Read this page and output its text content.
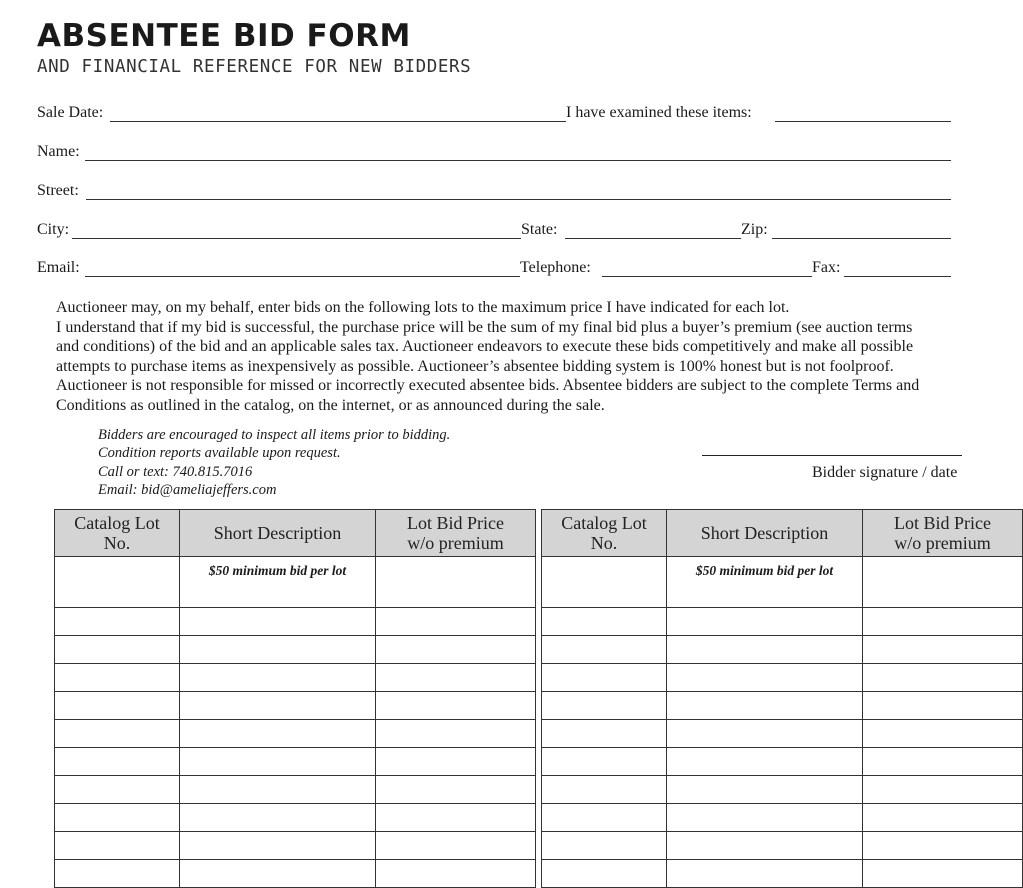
ABSENTEE BID FORM
AND FINANCIAL REFERENCE FOR NEW BIDDERS
Sale Date:	I have examined these items:
Name:
Street:
City:	State:	Zip:
Email:	Telephone:	Fax:
Auctioneer may, on my behalf, enter bids on the following lots to the maximum price I have indicated for each lot.
I understand that if my bid is successful, the purchase price will be the sum of my final bid plus a buyer’s premium (see auction terms
and conditions) of the bid and an applicable sales tax. Auctioneer endeavors to execute these bids competitively and make all possible
attempts to purchase items as inexpensively as possible. Auctioneer’s absentee bidding system is 100% honest but is not foolproof.
Auctioneer is not responsible for missed or incorrectly executed absentee bids. Absentee bidders are subject to the complete Terms and
Conditions as outlined in the catalog, on the internet, or as announced during the sale.
Bidders are encouraged to inspect all items prior to bidding.
Condition reports available upon request.
Call or text: 740.815.7016
Email: bid@ameliajeffers.com
Bidder signature / date
Catalog Lot
No.	Short Description	Lot Bid Price
w/o premium
	$50 minimum bid per lot	

Catalog Lot
No.	Short Description	Lot Bid Price
w/o premium
	$50 minimum bid per lot	
